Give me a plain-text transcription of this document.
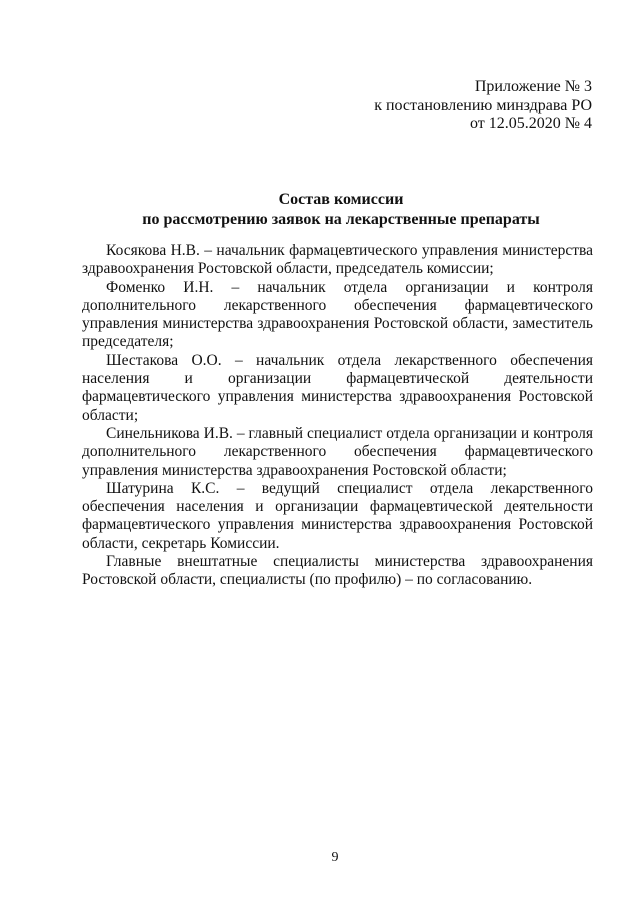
Приложение № 3
к постановлению минздрава РО
от 12.05.2020 № 4
Состав комиссии
по рассмотрению заявок на лекарственные препараты

Косякова Н.В. – начальник фармацевтического управления министерства здравоохранения Ростовской области, председатель комиссии;

Фоменко И.Н. – начальник отдела организации и контроля дополнительного лекарственного обеспечения фармацевтического управления министерства здравоохранения Ростовской области, заместитель председателя;

Шестакова О.О. – начальник отдела лекарственного обеспечения населения и организации фармацевтической деятельности фармацевтического управления министерства здравоохранения Ростовской области;

Синельникова И.В. – главный специалист отдела организации и контроля дополнительного лекарственного обеспечения фармацевтического управления министерства здравоохранения Ростовской области;

Шатурина К.С. – ведущий специалист отдела лекарственного обеспечения населения и организации фармацевтической деятельности фармацевтического управления министерства здравоохранения Ростовской области, секретарь Комиссии.

Главные внештатные специалисты министерства здравоохранения Ростовской области, специалисты (по профилю) – по согласованию.

9
